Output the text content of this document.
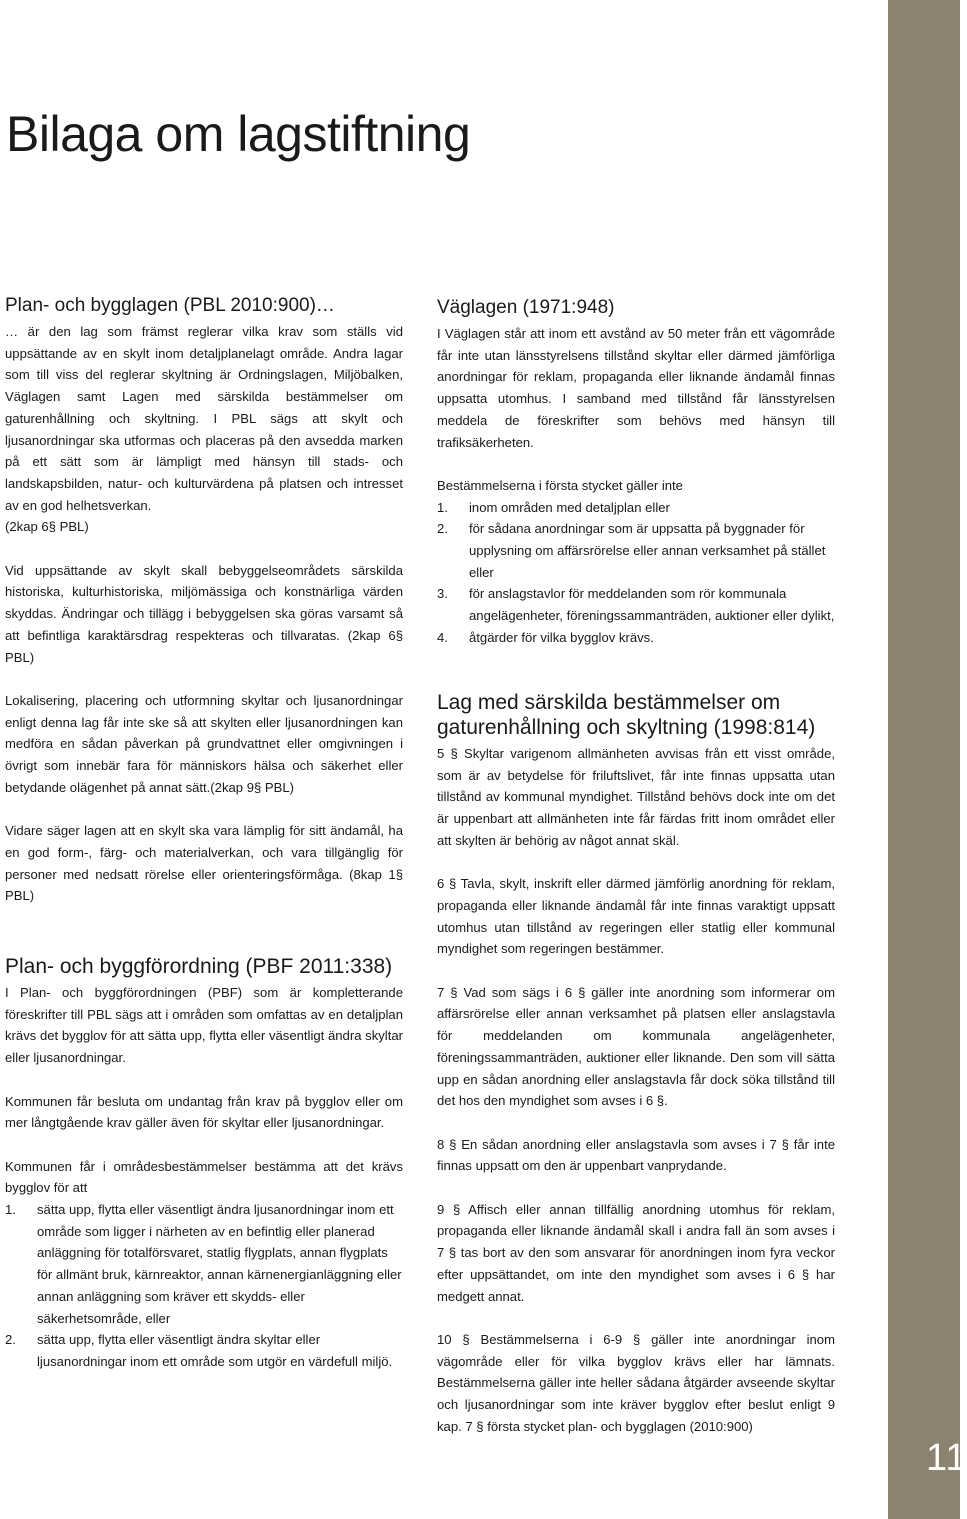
11
Bilaga om lagstiftning
Plan- och bygglagen (PBL 2010:900)…

… är den lag som främst reglerar vilka krav som ställs vid uppsättande av en skylt inom detaljplanelagt område. Andra lagar som till viss del reglerar skyltning är Ordningslagen, Miljöbalken, Väglagen samt Lagen med särskilda bestämmelser om gaturenhållning och skyltning. I PBL sägs att skylt och ljusanordningar ska utformas och placeras på den avsedda marken på ett sätt som är lämpligt med hänsyn till stads- och landskapsbilden, natur- och kulturvärdena på platsen och intresset av en god helhetsverkan.

(2kap 6§ PBL)

Vid uppsättande av skylt skall bebyggelseområdets särskilda historiska, kulturhistoriska, miljömässiga och konstnärliga värden skyddas. Ändringar och tillägg i bebyggelsen ska göras varsamt så att befintliga karaktärsdrag respekteras och tillvaratas. (2kap 6§ PBL)

Lokalisering, placering och utformning skyltar och ljusanordningar enligt denna lag får inte ske så att skylten eller ljusanordningen kan medföra en sådan påverkan på grundvattnet eller omgivningen i övrigt som innebär fara för människors hälsa och säkerhet eller betydande olägenhet på annat sätt.(2kap 9§ PBL)

Vidare säger lagen att en skylt ska vara lämplig för sitt ändamål, ha en god form-, färg- och materialverkan, och vara tillgänglig för personer med nedsatt rörelse eller orienteringsförmåga. (8kap 1§ PBL)

Plan- och byggförordning (PBF 2011:338)

I Plan- och byggförordningen (PBF) som är kompletterande föreskrifter till PBL sägs att i områden som omfattas av en detaljplan krävs det bygglov för att sätta upp, flytta eller väsentligt ändra skyltar eller ljusanordningar.

Kommunen får besluta om undantag från krav på bygglov eller om mer långtgående krav gäller även för skyltar eller ljusanordningar.

Kommunen får i områdesbestämmelser bestämma att det krävs bygglov för att

1. sätta upp, flytta eller väsentligt ändra ljusanordningar inom ett område som ligger i närheten av en befintlig eller planerad anläggning för totalförsvaret, statlig flygplats, annan flygplats för allmänt bruk, kärnreaktor, annan kärnenergianläggning eller annan anläggning som kräver ett skydds- eller säkerhetsområde, eller
2. sätta upp, flytta eller väsentligt ändra skyltar eller ljusanordningar inom ett område som utgör en värdefull miljö.
Väglagen (1971:948)

I Väglagen står att inom ett avstånd av 50 meter från ett vägområde får inte utan länsstyrelsens tillstånd skyltar eller därmed jämförliga anordningar för reklam, propaganda eller liknande ändamål finnas uppsatta utomhus. I samband med tillstånd får länsstyrelsen meddela de föreskrifter som behövs med hänsyn till trafiksäkerheten.

Bestämmelserna i första stycket gäller inte

1. inom områden med detaljplan eller
2. för sådana anordningar som är uppsatta på byggnader för upplysning om affärsrörelse eller annan verksamhet på stället eller
3. för anslagstavlor för meddelanden som rör kommunala angelägenheter, föreningssammanträden, auktioner eller dylikt,
4. åtgärder för vilka bygglov krävs.
Lag med särskilda bestämmelser om gaturenhållning och skyltning (1998:814)

5 § Skyltar varigenom allmänheten avvisas från ett visst område, som är av betydelse för friluftslivet, får inte finnas uppsatta utan tillstånd av kommunal myndighet. Tillstånd behövs dock inte om det är uppenbart att allmänheten inte får färdas fritt inom området eller att skylten är behörig av något annat skäl.

6 § Tavla, skylt, inskrift eller därmed jämförlig anordning för reklam, propaganda eller liknande ändamål får inte finnas varaktigt uppsatt utomhus utan tillstånd av regeringen eller statlig eller kommunal myndighet som regeringen bestämmer.

7 § Vad som sägs i 6 § gäller inte anordning som informerar om affärsrörelse eller annan verksamhet på platsen eller anslagstavla för meddelanden om kommunala angelägenheter, föreningssammanträden, auktioner eller liknande. Den som vill sätta upp en sådan anordning eller anslagstavla får dock söka tillstånd till det hos den myndighet som avses i 6 §.

8 § En sådan anordning eller anslagstavla som avses i 7 § får inte finnas uppsatt om den är uppenbart vanprydande.

9 § Affisch eller annan tillfällig anordning utomhus för reklam, propaganda eller liknande ändamål skall i andra fall än som avses i 7 § tas bort av den som ansvarar för anordningen inom fyra veckor efter uppsättandet, om inte den myndighet som avses i 6 § har medgett annat.

10 § Bestämmelserna i 6-9 § gäller inte anordningar inom vägområde eller för vilka bygglov krävs eller har lämnats. Bestämmelserna gäller inte heller sådana åtgärder avseende skyltar och ljusanordningar som inte kräver bygglov efter beslut enligt 9 kap. 7 § första stycket plan- och bygglagen (2010:900)
